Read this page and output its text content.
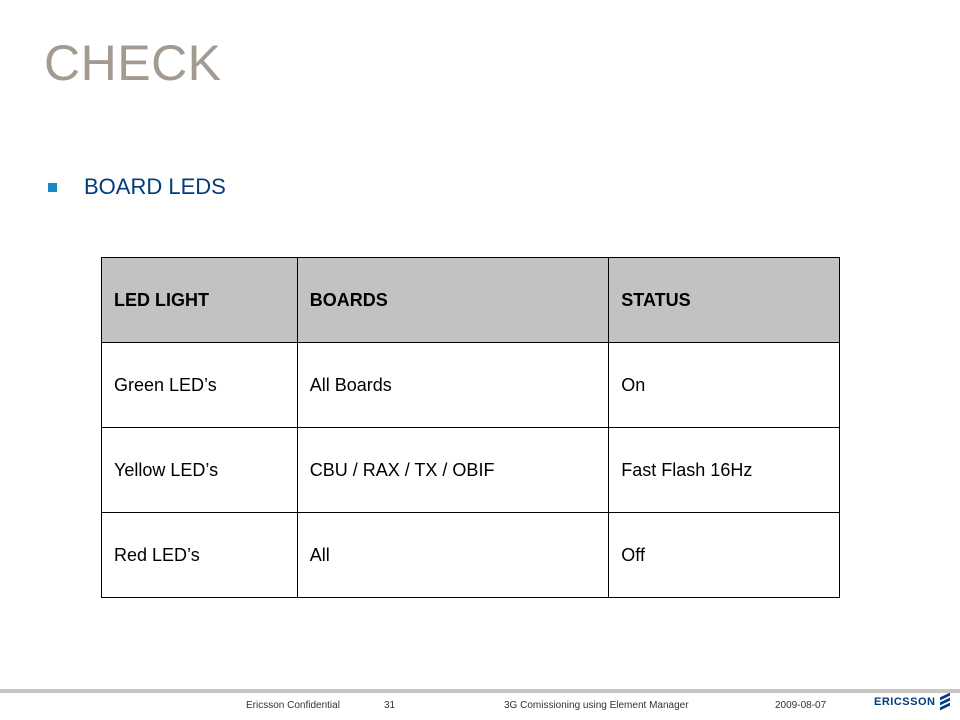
CHECK
BOARD LEDS
LED LIGHT	BOARDS	STATUS
Green LED’s	All Boards	On
Yellow LED’s	CBU / RAX / TX / OBIF	Fast Flash 16Hz
Red LED’s	All	Off
Ericsson Confidential	31	3G Comissioning using Element Manager	2009-08-07	ERICSSON
